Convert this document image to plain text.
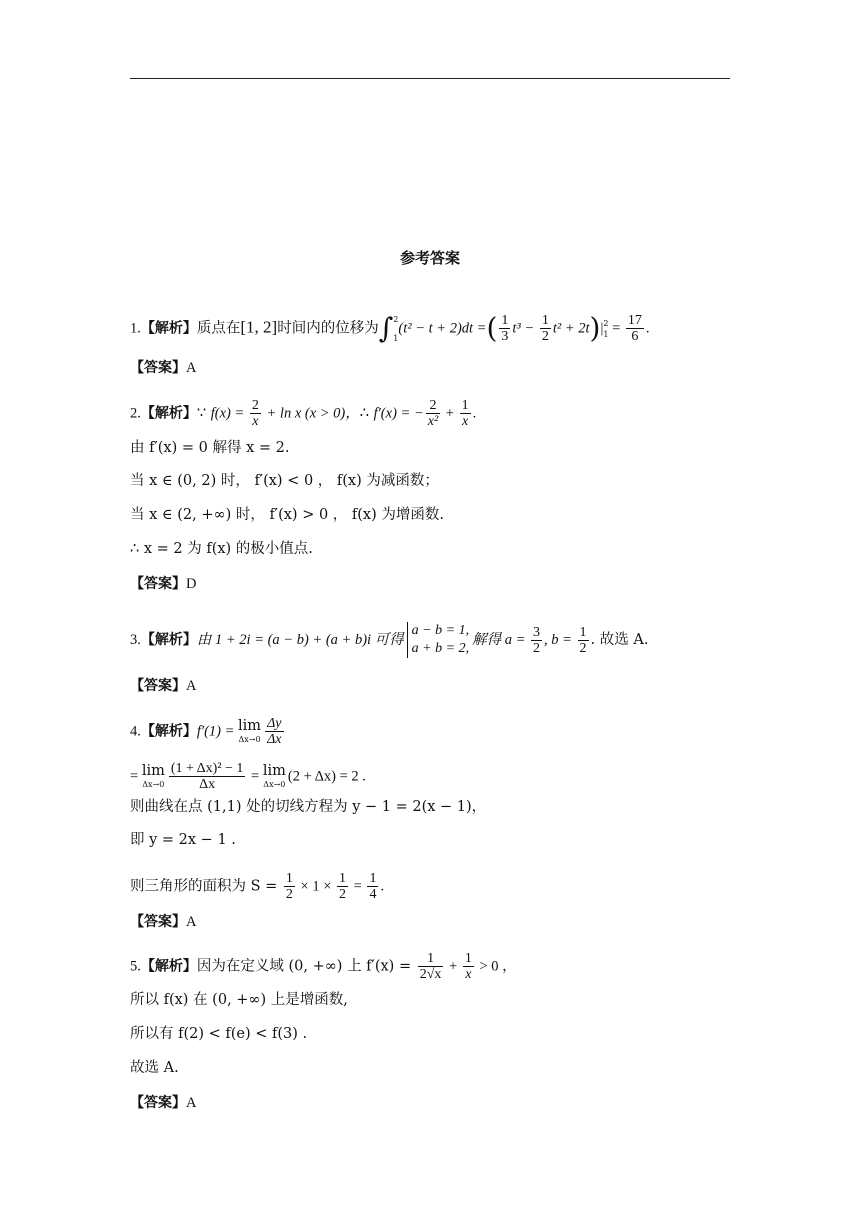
参考答案
1.【解析】质点在[1, 2]时间内的位移为∫ 2
1
(t² − t + 2)dt =( $\frac{1}{3} t^3 - \frac{1}{2} t^2 + 2t)|$ 2
$1 = \frac{17}{6}$ .
【答案】A
2.【解析】∵ $f(x) = \frac{2}{x} + \ln x$ (x > 0)，∴ f′(x) = − $\frac{2}{\text{x²}} + \frac{1}{x}$ .
由 f′(x) = 0 解得 x = 2.
当 x ∈ (0, 2) 时， f′(x) < 0 ， f(x) 为减函数；
当 x ∈ (2, +∞) 时， f′(x) > 0 ， f(x) 为增函数.
∴ x = 2 为 f(x) 的极小值点.
【答案】D
3.【解析】由 1 + 2i = (a − b) + (a + b)i 可得
a − b = 1,
a + b = 2,
解得 $a = \frac{3}{2}$ , $b = \frac{1}{2}$ . 故选 A.
【答案】A
4.【解析】f′(1) = lim
$\Delta x\to 0 \frac{\Delta y}{\Delta x}$
= lim
$\Delta x\to 0 \frac{\text{(1 + Δx)² − 1}}{\Delta x} = \lim$
Δx→0 (2 + Δx) = 2 .
则曲线在点 (1,1) 处的切线方程为 y − 1 = 2(x − 1)，
即 y = 2x − 1 .
则三角形的面积为 $S = \frac{1}{2} \times 1 \times \frac{1}{2} = \frac{1}{4}$ .
【答案】A
5.【解析】因为在定义域 (0, +∞) 上 $f'(x) = \frac{1}{2√x} + \frac{1}{x} > 0$ ，
所以 f(x) 在 (0, +∞) 上是增函数,
所以有 f(2) < f(e) < f(3) .
故选 A.
【答案】A
